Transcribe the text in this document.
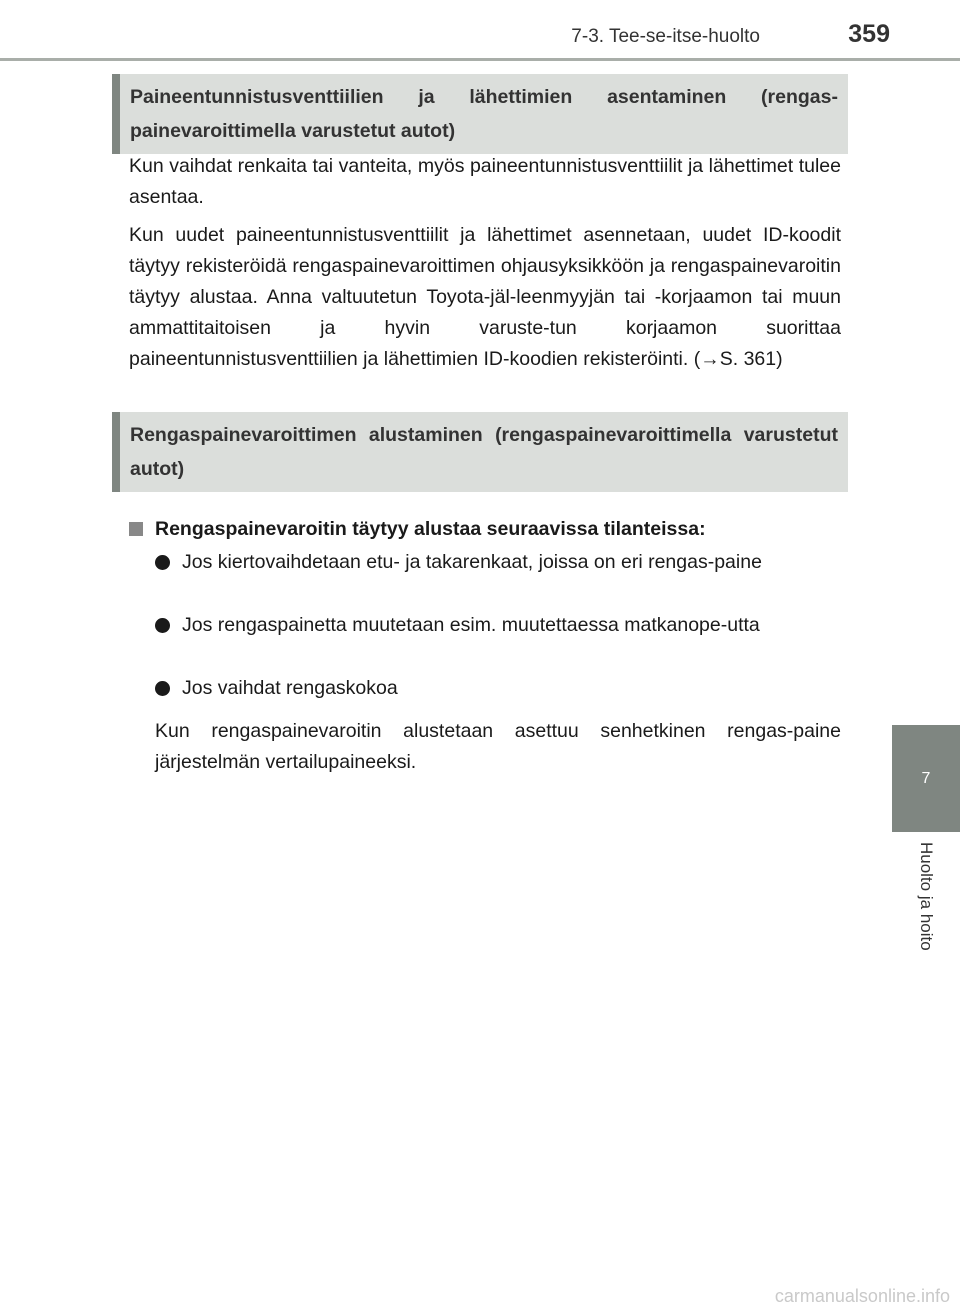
7-3. Tee-se-itse-huolto	359
7
Huolto ja hoito
Paineentunnistusventtiilien ja lähettimien asentaminen (rengas-painevaroittimella varustetut autot)

Kun vaihdat renkaita tai vanteita, myös paineentunnistusventtiilit ja lähettimet tulee asentaa.

Kun uudet paineentunnistusventtiilit ja lähettimet asennetaan, uudet ID-koodit täytyy rekisteröidä rengaspainevaroittimen ohjausyksikköön ja rengaspainevaroitin täytyy alustaa. Anna valtuutetun Toyota-jäl-leenmyyjän tai -korjaamon tai muun ammattitaitoisen ja hyvin varuste-tun korjaamon suorittaa paineentunnistusventtiilien ja lähettimien ID-koodien rekisteröinti. (→S. 361)

Rengaspainevaroittimen alustaminen (rengaspainevaroittimella varustetut autot)
Rengaspainevaroitin täytyy alustaa seuraavissa tilanteissa:
Jos kiertovaihdetaan etu- ja takarenkaat, joissa on eri rengas-paine
Jos rengaspainetta muutetaan esim. muutettaessa matkanope-utta
Jos vaihdat rengaskokoa

Kun rengaspainevaroitin alustetaan asettuu senhetkinen rengas-paine järjestelmän vertailupaineeksi.

carmanualsonline.info
